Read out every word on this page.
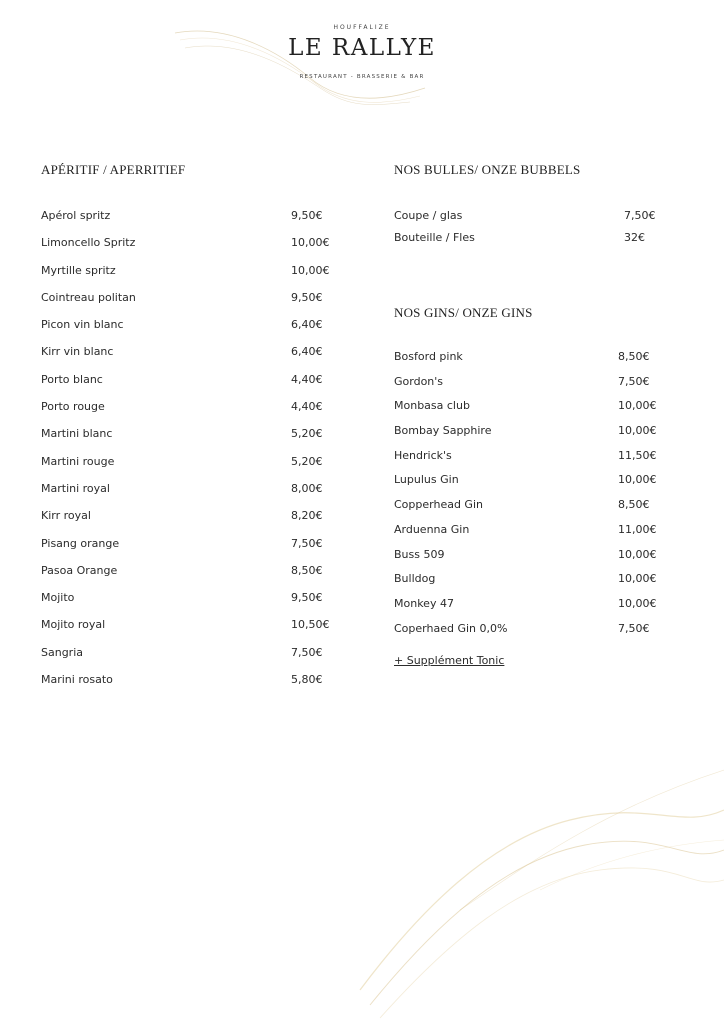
HOUFFALIZE
LE RALLYE
RESTAURANT - BRASSERIE & BAR
APÉRITIF / APERRITIEF
Apérol spritz	9,50€
Limoncello Spritz	10,00€
Myrtille spritz	10,00€
Cointreau politan	9,50€
Picon vin blanc	6,40€
Kirr vin blanc	6,40€
Porto blanc	4,40€
Porto rouge	4,40€
Martini blanc	5,20€
Martini rouge	5,20€
Martini royal	8,00€
Kirr royal	8,20€
Pisang orange	7,50€
Pasoa Orange	8,50€
Mojito	9,50€
Mojito royal	10,50€
Sangria	7,50€
Marini rosato	5,80€
NOS BULLES/ ONZE BUBBELS
Coupe / glas	7,50€
Bouteille / Fles	32€
NOS GINS/ ONZE GINS
Bosford pink	8,50€
Gordon's	7,50€
Monbasa club	10,00€
Bombay Sapphire	10,00€
Hendrick's	11,50€
Lupulus Gin	10,00€
Copperhead Gin	8,50€
Arduenna Gin	11,00€
Buss 509	10,00€
Bulldog	10,00€
Monkey 47	10,00€
Coperhaed Gin 0,0%	7,50€
+ Supplément Tonic
